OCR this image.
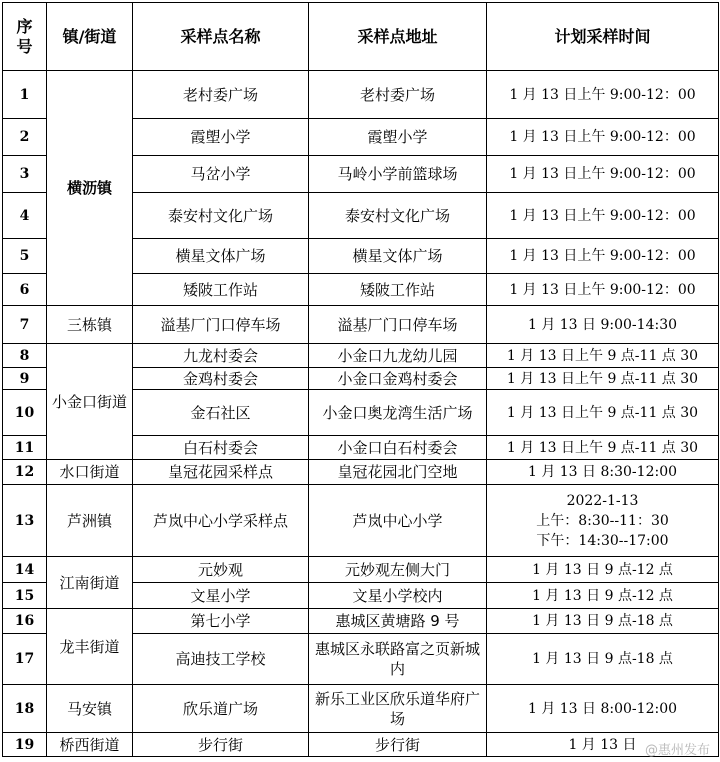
序
号	镇/街道	采样点名称	采样点地址	计划采样时间
1	横沥镇	老村委广场	老村委广场	1 月 13 日上午 9:00-12：00
2		霞塱小学	霞塱小学	1 月 13 日上午 9:00-12：00
3		马岔小学	马岭小学前篮球场	1 月 13 日上午 9:00-12：00
4		泰安村文化广场	泰安村文化广场	1 月 13 日上午 9:00-12：00
5		横星文体广场	横星文体广场	1 月 13 日上午 9:00-12：00
6		矮陂工作站	矮陂工作站	1 月 13 日上午 9:00-12：00
7	三栋镇	溢基厂门口停车场	溢基厂门口停车场	1 月 13 日 9:00-14:30
8	小金口街道	九龙村委会	小金口九龙幼儿园	1 月 13 日上午 9 点-11 点 30
9		金鸡村委会	小金口金鸡村委会	1 月 13 日上午 9 点-11 点 30
10		金石社区	小金口奥龙湾生活广场	1 月 13 日上午 9 点-11 点 30
11		白石村委会	小金口白石村委会	1 月 13 日上午 9 点-11 点 30
12	水口街道	皇冠花园采样点	皇冠花园北门空地	1 月 13 日 8:30-12:00
13	芦洲镇	芦岚中心小学采样点	芦岚中心小学	2022-1-13
上午：8:30--11：30
下午：14:30--17:00
14	江南街道	元妙观	元妙观左侧大门	1 月 13 日 9 点-12 点
15		文星小学	文星小学校内	1 月 13 日 9 点-12 点
16	龙丰街道	第七小学	惠城区黄塘路 9 号	1 月 13 日 9 点-18 点
17		高迪技工学校	惠城区永联路富之页新城内	1 月 13 日 9 点-18 点
18	马安镇	欣乐道广场	新乐工业区欣乐道华府广场	1 月 13 日 8:00-12:00
19	桥西街道	步行街	步行街	1 月 13 日 @惠州发布
